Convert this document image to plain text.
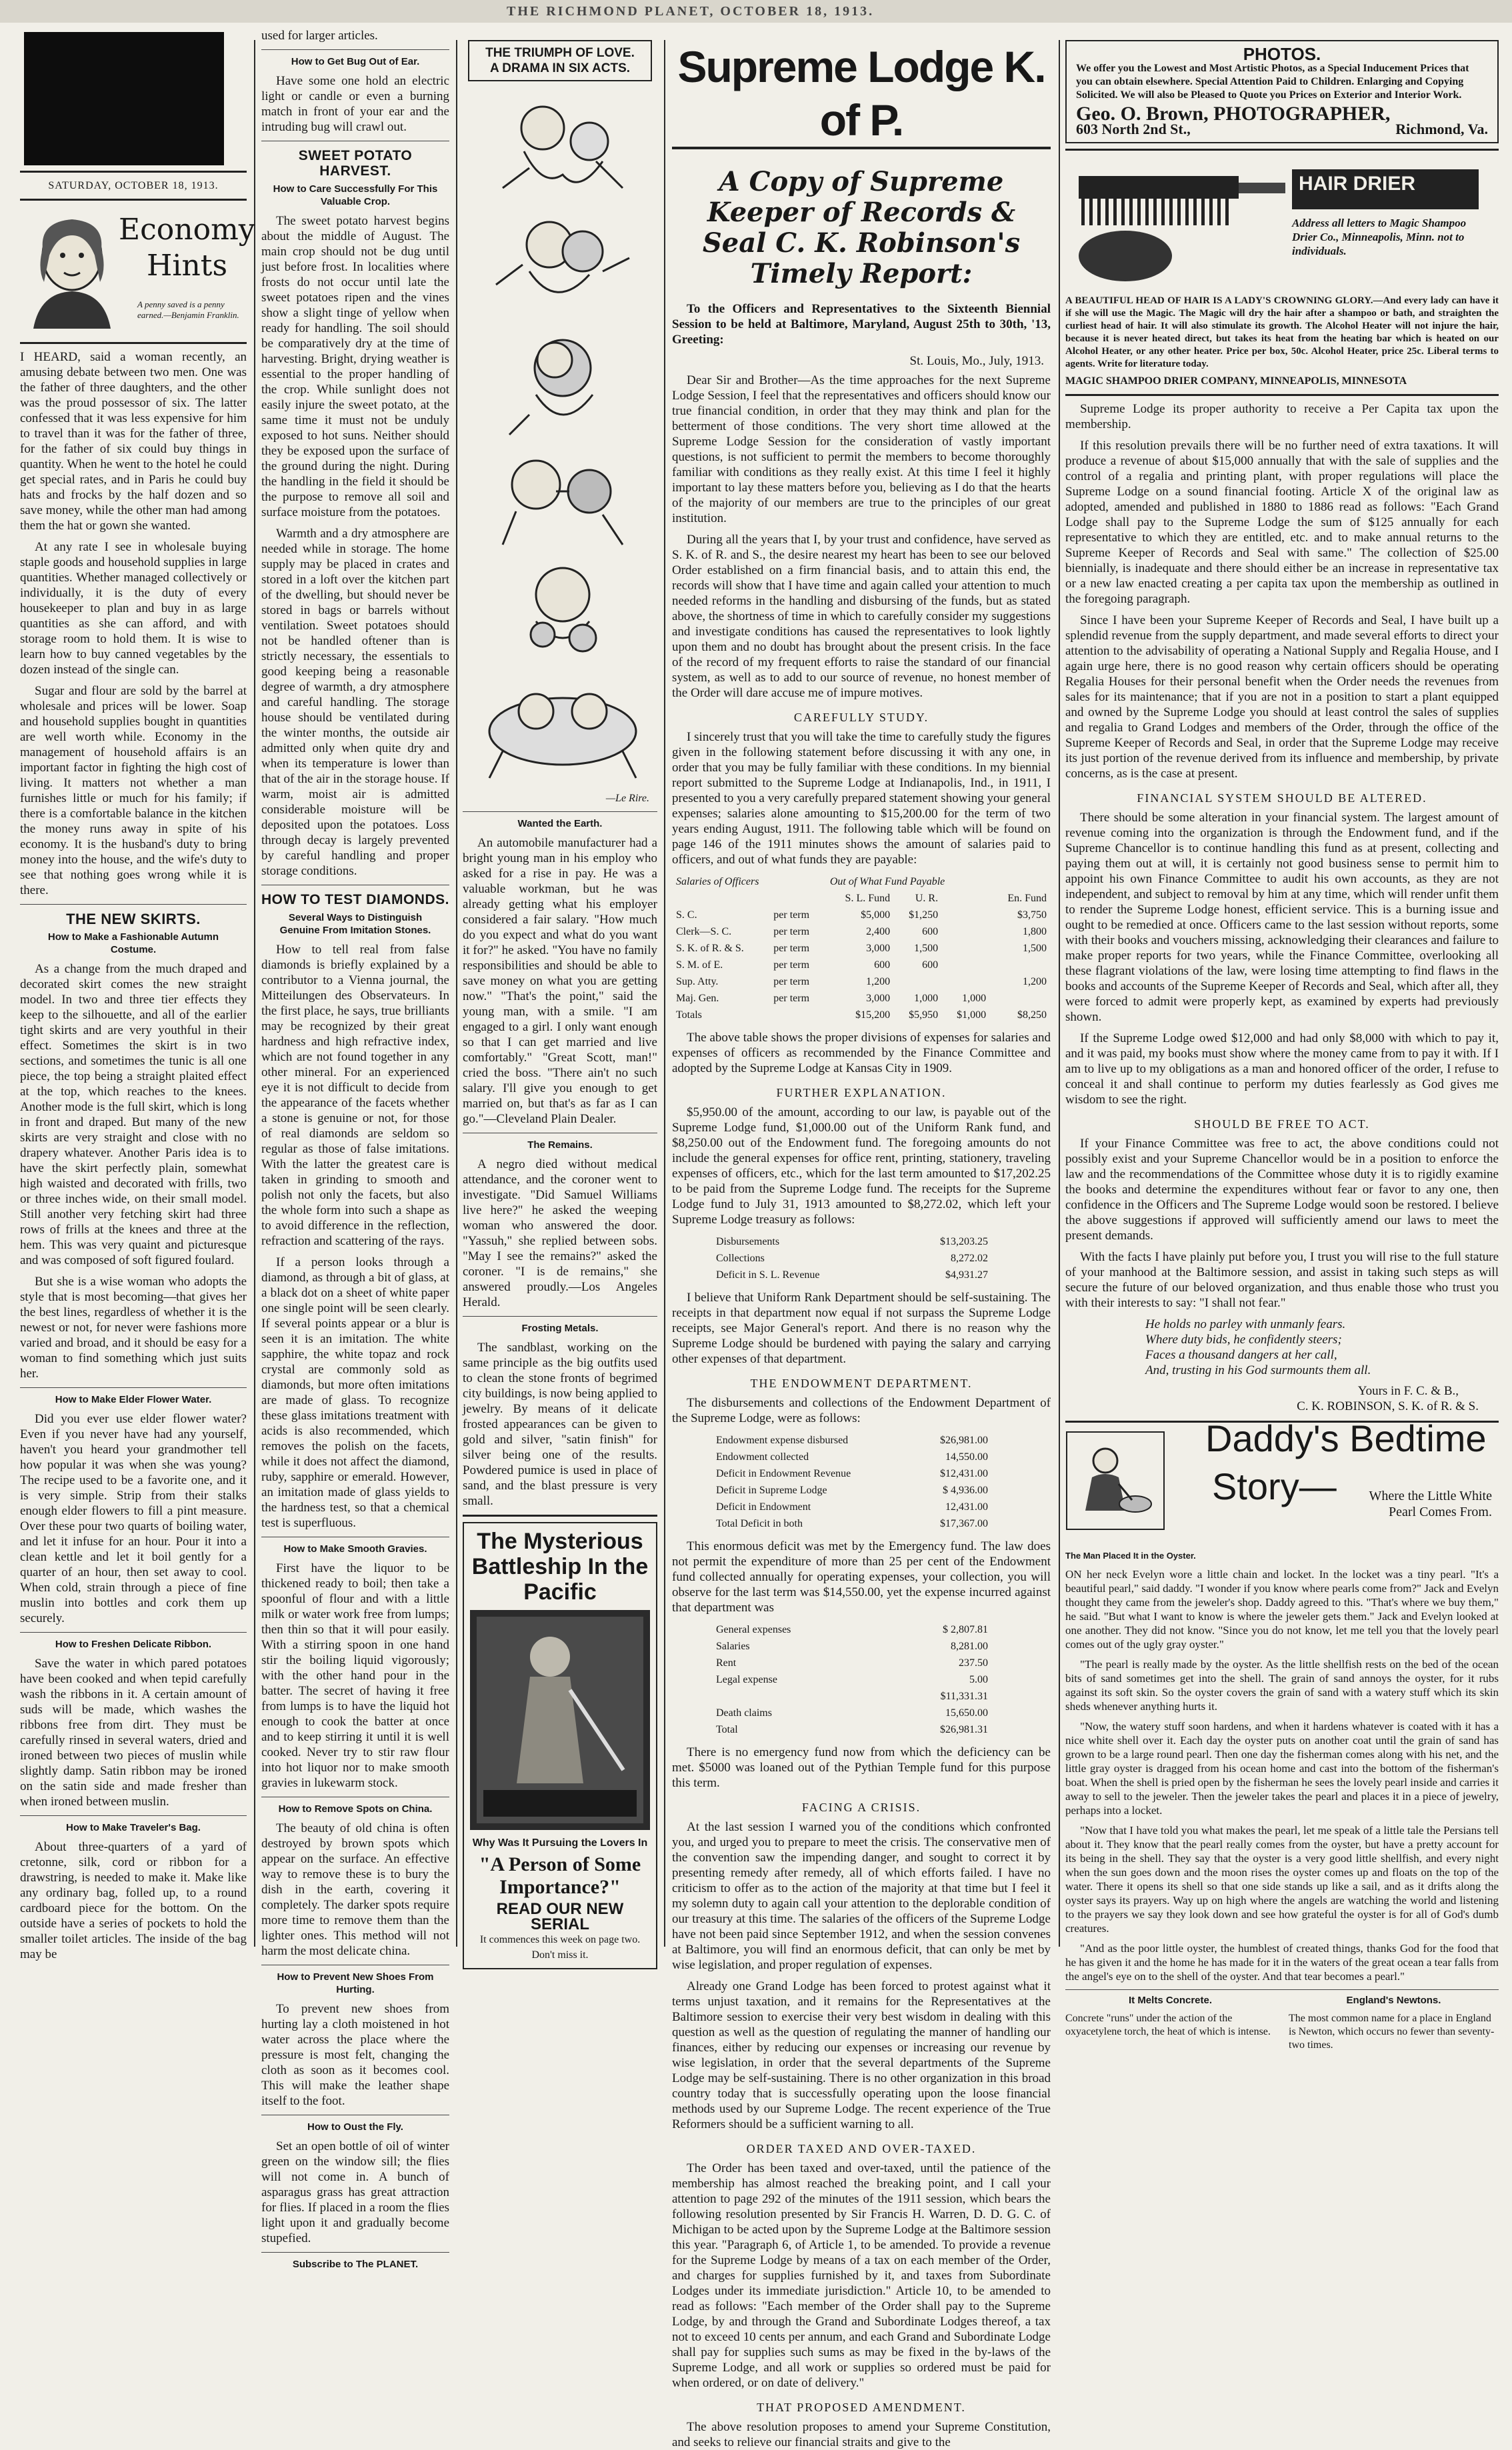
THE RICHMOND PLANET, OCTOBER 18, 1913.
SATURDAY, OCTOBER 18, 1913.
Economy
Hints
A penny saved is a penny earned.—Benjamin Franklin.

I HEARD, said a woman recently, an amusing debate between two men. One was the father of three daughters, and the other was the proud possessor of six. The latter confessed that it was less expensive for him to travel than it was for the father of three, for the father of six could buy things in quantity. When he went to the hotel he could get special rates, and in Paris he could buy hats and frocks by the half dozen and so save money, while the other man had among them the hat or gown she wanted.

At any rate I see in wholesale buying staple goods and household supplies in large quantities. Whether managed collectively or individually, it is the duty of every housekeeper to plan and buy in as large quantities as she can afford, and with storage room to hold them. It is wise to learn how to buy canned vegetables by the dozen instead of the single can.

Sugar and flour are sold by the barrel at wholesale and prices will be lower. Soap and household supplies bought in quantities are well worth while. Economy in the management of household affairs is an important factor in fighting the high cost of living. It matters not whether a man furnishes little or much for his family; if there is a comfortable balance in the kitchen the money runs away in spite of his economy. It is the husband's duty to bring money into the house, and the wife's duty to see that nothing goes wrong while it is there.

THE NEW SKIRTS.
How to Make a Fashionable Autumn Costume.

As a change from the much draped and decorated skirt comes the new straight model. In two and three tier effects they keep to the silhouette, and all of the earlier tight skirts and are very youthful in their effect. Sometimes the skirt is in two sections, and sometimes the tunic is all one piece, the top being a straight plaited effect at the top, which reaches to the knees. Another mode is the full skirt, which is long in front and draped. But many of the new skirts are very straight and close with no drapery whatever. Another Paris idea is to have the skirt perfectly plain, somewhat high waisted and decorated with frills, two or three inches wide, on their small model. Still another very fetching skirt had three rows of frills at the knees and three at the hem. This was very quaint and picturesque and was composed of soft figured foulard.

But she is a wise woman who adopts the style that is most becoming—that gives her the best lines, regardless of whether it is the newest or not, for never were fashions more varied and broad, and it should be easy for a woman to find something which just suits her.

How to Make Elder Flower Water.

Did you ever use elder flower water? Even if you never have had any yourself, haven't you heard your grandmother tell how popular it was when she was young? The recipe used to be a favorite one, and it is very simple. Strip from their stalks enough elder flowers to fill a pint measure. Over these pour two quarts of boiling water, and let it infuse for an hour. Pour it into a clean kettle and let it boil gently for a quarter of an hour, then set away to cool. When cold, strain through a piece of fine muslin into bottles and cork them up securely.

How to Freshen Delicate Ribbon.

Save the water in which pared potatoes have been cooked and when tepid carefully wash the ribbons in it. A certain amount of suds will be made, which washes the ribbons free from dirt. They must be carefully rinsed in several waters, dried and ironed between two pieces of muslin while slightly damp. Satin ribbon may be ironed on the satin side and made fresher than when ironed between muslin.

How to Make Traveler's Bag.

About three-quarters of a yard of cretonne, silk, cord or ribbon for a drawstring, is needed to make it. Make like any ordinary bag, folled up, to a round cardboard piece for the bottom. On the outside have a series of pockets to hold the smaller toilet articles. The inside of the bag may be

used for larger articles.

How to Get Bug Out of Ear.

Have some one hold an electric light or candle or even a burning match in front of your ear and the intruding bug will crawl out.

SWEET POTATO HARVEST.
How to Care Successfully For This Valuable Crop.

The sweet potato harvest begins about the middle of August. The main crop should not be dug until just before frost. In localities where frosts do not occur until late the sweet potatoes ripen and the vines show a slight tinge of yellow when ready for handling. The soil should be comparatively dry at the time of harvesting. Bright, drying weather is essential to the proper handling of the crop. While sunlight does not easily injure the sweet potato, at the same time it must not be unduly exposed to hot suns. Neither should they be exposed upon the surface of the ground during the night. During the handling in the field it should be the purpose to remove all soil and surface moisture from the potatoes.

Warmth and a dry atmosphere are needed while in storage. The home supply may be placed in crates and stored in a loft over the kitchen part of the dwelling, but should never be stored in bags or barrels without ventilation. Sweet potatoes should not be handled oftener than is strictly necessary, the essentials to good keeping being a reasonable degree of warmth, a dry atmosphere and careful handling. The storage house should be ventilated during the winter months, the outside air admitted only when quite dry and when its temperature is lower than that of the air in the storage house. If warm, moist air is admitted considerable moisture will be deposited upon the potatoes. Loss through decay is largely prevented by careful handling and proper storage conditions.

HOW TO TEST DIAMONDS.
Several Ways to Distinguish Genuine From Imitation Stones.

How to tell real from false diamonds is briefly explained by a contributor to a Vienna journal, the Mitteilungen des Observateurs. In the first place, he says, true brilliants may be recognized by their great hardness and high refractive index, which are not found together in any other mineral. For an experienced eye it is not difficult to decide from the appearance of the facets whether a stone is genuine or not, for those of real diamonds are seldom so regular as those of false imitations. With the latter the greatest care is taken in grinding to smooth and polish not only the facets, but also the whole form into such a shape as to avoid difference in the reflection, refraction and scattering of the rays.

If a person looks through a diamond, as through a bit of glass, at a black dot on a sheet of white paper one single point will be seen clearly. If several points appear or a blur is seen it is an imitation. The white sapphire, the white topaz and rock crystal are commonly sold as diamonds, but more often imitations are made of glass. To recognize these glass imitations treatment with acids is also recommended, which removes the polish on the facets, while it does not affect the diamond, ruby, sapphire or emerald. However, an imitation made of glass yields to the hardness test, so that a chemical test is superfluous.

How to Make Smooth Gravies.

First have the liquor to be thickened ready to boil; then take a spoonful of flour and with a little milk or water work free from lumps; then thin so that it will pour easily. With a stirring spoon in one hand stir the boiling liquid vigorously; with the other hand pour in the batter. The secret of having it free from lumps is to have the liquid hot enough to cook the batter at once and to keep stirring it until it is well cooked. Never try to stir raw flour into hot liquor nor to make smooth gravies in lukewarm stock.

How to Remove Spots on China.

The beauty of old china is often destroyed by brown spots which appear on the surface. An effective way to remove these is to bury the dish in the earth, covering it completely. The darker spots require more time to remove them than the lighter ones. This method will not harm the most delicate china.

How to Prevent New Shoes From Hurting.

To prevent new shoes from hurting lay a cloth moistened in hot water across the place where the pressure is most felt, changing the cloth as soon as it becomes cool. This will make the leather shape itself to the foot.

How to Oust the Fly.

Set an open bottle of oil of winter green on the window sill; the flies will not come in. A bunch of asparagus grass has great attraction for flies. If placed in a room the flies light upon it and gradually become stupefied.

Subscribe to The PLANET.
THE TRIUMPH OF LOVE.
A DRAMA IN SIX ACTS.
—Le Rire.
Wanted the Earth.

An automobile manufacturer had a bright young man in his employ who asked for a rise in pay. He was a valuable workman, but he was already getting what his employer considered a fair salary. "How much do you expect and what do you want it for?" he asked. "You have no family responsibilities and should be able to save money on what you are getting now." "That's the point," said the young man, with a smile. "I am engaged to a girl. I only want enough so that I can get married and live comfortably." "Great Scott, man!" cried the boss. "There ain't no such salary. I'll give you enough to get married on, but that's as far as I can go."—Cleveland Plain Dealer.

The Remains.

A negro died without medical attendance, and the coroner went to investigate. "Did Samuel Williams live here?" he asked the weeping woman who answered the door. "Yassuh," she replied between sobs. "May I see the remains?" asked the coroner. "I is de remains," she answered proudly.—Los Angeles Herald.

Frosting Metals.

The sandblast, working on the same principle as the big outfits used to clean the stone fronts of begrimed city buildings, is now being applied to jewelry. By means of it delicate frosted appearances can be given to gold and silver, "satin finish" for silver being one of the results. Powdered pumice is used in place of sand, and the blast pressure is very small.

The Mysterious Battleship In the Pacific
Why Was It Pursuing the Lovers In
"A Person of Some Importance?"
READ OUR NEW SERIAL
It commences this week on page two. Don't miss it.
Supreme Lodge K. of P.
A Copy of Supreme Keeper of Records & Seal C. K. Robinson's Timely Report:

To the Officers and Representatives to the Sixteenth Biennial Session to be held at Baltimore, Maryland, August 25th to 30th, '13, Greeting:

St. Louis, Mo., July, 1913.

Dear Sir and Brother—As the time approaches for the next Supreme Lodge Session, I feel that the representatives and officers should know our true financial condition, in order that they may think and plan for the betterment of those conditions. The very short time allowed at the Supreme Lodge Session for the consideration of vastly important questions, is not sufficient to permit the members to become thoroughly familiar with conditions as they really exist. At this time I feel it highly important to lay these matters before you, believing as I do that the hearts of the majority of our members are true to the principles of our great institution.

During all the years that I, by your trust and confidence, have served as S. K. of R. and S., the desire nearest my heart has been to see our beloved Order established on a firm financial basis, and to attain this end, the records will show that I have time and again called your attention to much needed reforms in the handling and disbursing of the funds, but as stated above, the shortness of time in which to carefully consider my suggestions and investigate conditions has caused the representatives to look lightly upon them and no doubt has brought about the present crisis. In the face of the record of my frequent efforts to raise the standard of our financial system, as well as to add to our source of revenue, no honest member of the Order will dare accuse me of impure motives.

CAREFULLY STUDY.

I sincerely trust that you will take the time to carefully study the figures given in the following statement before discussing it with any one, in order that you may be fully familiar with these conditions. In my biennial report submitted to the Supreme Lodge at Indianapolis, Ind., in 1911, I presented to you a very carefully prepared statement showing your general expenses; salaries alone amounting to $15,200.00 for the term of two years ending August, 1911. The following table which will be found on page 146 of the 1911 minutes shows the amount of salaries paid to officers, and out of what funds they are payable:

Salaries of Officers		Out of What Fund Payable			
		S. L. Fund	U. R.		En. Fund
S. C.	per term	$5,000	$1,250		$3,750
Clerk—S. C.	per term	2,400	600		1,800
S. K. of R. & S.	per term	3,000	1,500		1,500
S. M. of E.	per term	600	600		
Sup. Atty.	per term	1,200			1,200
Maj. Gen.	per term	3,000	1,000	1,000	
Totals		$15,200	$5,950	$1,000	$8,250

The above table shows the proper divisions of expenses for salaries and expenses of officers as recommended by the Finance Committee and adopted by the Supreme Lodge at Kansas City in 1909.

FURTHER EXPLANATION.

$5,950.00 of the amount, according to our law, is payable out of the Supreme Lodge fund, $1,000.00 out of the Uniform Rank fund, and $8,250.00 out of the Endowment fund. The foregoing amounts do not include the general expenses for office rent, printing, stationery, traveling expenses of officers, etc., which for the last term amounted to $17,202.25 to be paid from the Supreme Lodge fund. The receipts for the Supreme Lodge fund to July 31, 1913 amounted to $8,272.02, which left your Supreme Lodge treasury as follows:

Disbursements	$13,203.25
Collections	8,272.02
Deficit in S. L. Revenue	$4,931.27

I believe that Uniform Rank Department should be self-sustaining. The receipts in that department now equal if not surpass the Supreme Lodge receipts, see Major General's report. And there is no reason why the Supreme Lodge should be burdened with paying the salary and carrying other expenses of that department.

THE ENDOWMENT DEPARTMENT.

The disbursements and collections of the Endowment Department of the Supreme Lodge, were as follows:

Endowment expense disbursed	$26,981.00
Endowment collected	14,550.00
Deficit in Endowment Revenue	$12,431.00
Deficit in Supreme Lodge	$ 4,936.00
Deficit in Endowment	12,431.00
Total Deficit in both	$17,367.00

This enormous deficit was met by the Emergency fund. The law does not permit the expenditure of more than 25 per cent of the Endowment fund collected annually for operating expenses, your collection, you will observe for the last term was $14,550.00, yet the expense incurred against that department was

General expenses	$ 2,807.81
Salaries	8,281.00
Rent	237.50
Legal expense	5.00
	$11,331.31
Death claims	15,650.00
Total	$26,981.31

There is no emergency fund now from which the deficiency can be met. $5000 was loaned out of the Pythian Temple fund for this purpose this term.

FACING A CRISIS.

At the last session I warned you of the conditions which confronted you, and urged you to prepare to meet the crisis. The conservative men of the convention saw the impending danger, and sought to correct it by presenting remedy after remedy, all of which efforts failed. I have no criticism to offer as to the action of the majority at that time but I feel it my solemn duty to again call your attention to the deplorable condition of our treasury at this time. The salaries of the officers of the Supreme Lodge have not been paid since September 1912, and when the session convenes at Baltimore, you will find an enormous deficit, that can only be met by wise legislation, and proper regulation of expenses.

Already one Grand Lodge has been forced to protest against what it terms unjust taxation, and it remains for the Representatives at the Baltimore session to exercise their very best wisdom in dealing with this question as well as the question of regulating the manner of handling our finances, either by reducing our expenses or increasing our revenue by wise legislation, in order that the several departments of the Supreme Lodge may be self-sustaining. There is no other organization in this broad country today that is successfully operating upon the loose financial methods used by our Supreme Lodge. The recent experience of the True Reformers should be a sufficient warning to all.

ORDER TAXED AND OVER-TAXED.

The Order has been taxed and over-taxed, until the patience of the membership has almost reached the breaking point, and I call your attention to page 292 of the minutes of the 1911 session, which bears the following resolution presented by Sir Francis H. Warren, D. D. G. C. of Michigan to be acted upon by the Supreme Lodge at the Baltimore session this year. "Paragraph 6, of Article 1, to be amended. To provide a revenue for the Supreme Lodge by means of a tax on each member of the Order, and charges for supplies furnished by it, and taxes from Subordinate Lodges under its immediate jurisdiction." Article 10, to be amended to read as follows: "Each member of the Order shall pay to the Supreme Lodge, by and through the Grand and Subordinate Lodges thereof, a tax not to exceed 10 cents per annum, and each Grand and Subordinate Lodge shall pay for supplies such sums as may be fixed in the by-laws of the Supreme Lodge, and all work or supplies so ordered must be paid for when ordered, or on date of delivery."

THAT PROPOSED AMENDMENT.

The above resolution proposes to amend your Supreme Constitution, and seeks to relieve our financial straits and give to the

PHOTOS.
We offer you the Lowest and Most Artistic Photos, as a Special Inducement Prices that you can obtain elsewhere. Special Attention Paid to Children. Enlarging and Copying Solicited. We will also be Pleased to Quote you Prices on Exterior and Interior Work.
Geo. O. Brown, PHOTOGRAPHER,
603 North 2nd St.,	Richmond, Va.
HAIR DRIER
Address all letters to Magic Shampoo Drier Co., Minneapolis, Minn. not to individuals.
A BEAUTIFUL HEAD OF HAIR IS A LADY'S CROWNING GLORY.—And every lady can have it if she will use the Magic. The Magic will dry the hair after a shampoo or bath, and straighten the curliest head of hair. It will also stimulate its growth. The Alcohol Heater will not injure the hair, because it is never heated direct, but takes its heat from the heating bar which is heated on our Alcohol Heater, or any other heater. Price per box, 50c. Alcohol Heater, price 25c. Liberal terms to agents. Write for literature today.
MAGIC SHAMPOO DRIER COMPANY, MINNEAPOLIS, MINNESOTA

Supreme Lodge its proper authority to receive a Per Capita tax upon the membership.

If this resolution prevails there will be no further need of extra taxations. It will produce a revenue of about $15,000 annually that with the sale of supplies and the control of a regalia and printing plant, with proper regulations will place the Supreme Lodge on a sound financial footing. Article X of the original law as adopted, amended and published in 1880 to 1886 read as follows: "Each Grand Lodge shall pay to the Supreme Lodge the sum of $125 annually for each representative to which they are entitled, etc. and to make annual returns to the Supreme Keeper of Records and Seal with same." The collection of $25.00 biennially, is inadequate and there should either be an increase in representative tax or a new law enacted creating a per capita tax upon the membership as outlined in the foregoing paragraph.

Since I have been your Supreme Keeper of Records and Seal, I have built up a splendid revenue from the supply department, and made several efforts to direct your attention to the advisability of operating a National Supply and Regalia House, and I again urge here, there is no good reason why certain officers should be operating Regalia Houses for their personal benefit when the Order needs the revenues from sales for its maintenance; that if you are not in a position to start a plant equipped and owned by the Supreme Lodge you should at least control the sales of supplies and regalia to Grand Lodges and members of the Order, through the office of the Supreme Keeper of Records and Seal, in order that the Supreme Lodge may receive its just portion of the revenue derived from its influence and membership, by private concerns, as is the case at present.

FINANCIAL SYSTEM SHOULD BE ALTERED.

There should be some alteration in your financial system. The largest amount of revenue coming into the organization is through the Endowment fund, and if the Supreme Chancellor is to continue handling this fund as at present, collecting and paying them out at will, it is certainly not good business sense to permit him to appoint his own Finance Committee to audit his own accounts, as they are not independent, and subject to removal by him at any time, which will render unfit them to render the Supreme Lodge honest, efficient service. This is a burning issue and ought to be remedied at once. Officers came to the last session without reports, some with their books and vouchers missing, acknowledging their clearances and failure to make proper reports for two years, while the Finance Committee, overlooking all these flagrant violations of the law, were losing time attempting to find flaws in the books and accounts of the Supreme Keeper of Records and Seal, which after all, they were forced to admit were properly kept, as examined by experts had previously shown.

If the Supreme Lodge owed $12,000 and had only $8,000 with which to pay it, and it was paid, my books must show where the money came from to pay it with. If I am to live up to my obligations as a man and honored officer of the order, I refuse to conceal it and shall continue to perform my duties fearlessly as God gives me wisdom to see the right.

SHOULD BE FREE TO ACT.

If your Finance Committee was free to act, the above conditions could not possibly exist and your Supreme Chancellor would be in a position to enforce the law and the recommendations of the Committee whose duty it is to rigidly examine the books and determine the expenditures without fear or favor to any one, then confidence in the Officers and The Supreme Lodge would soon be restored. I believe the above suggestions if approved will sufficiently amend our laws to meet the present demands.

With the facts I have plainly put before you, I trust you will rise to the full stature of your manhood at the Baltimore session, and assist in taking such steps as will secure the future of our beloved organization, and thus enable those who trust you with their interests to say: "I shall not fear."

He holds no parley with unmanly fears.
Where duty bids, he confidently steers;
Faces a thousand dangers at her call,
And, trusting in his God surmounts them all.
Yours in F. C. & B.,
C. K. ROBINSON, S. K. of R. & S.
Daddy's Bedtime
Story—	Where the Little White Pearl Comes From.
The Man Placed It in the Oyster.

ON her neck Evelyn wore a little chain and locket. In the locket was a tiny pearl. "It's a beautiful pearl," said daddy. "I wonder if you know where pearls come from?" Jack and Evelyn thought they came from the jeweler's shop. Daddy agreed to this. "That's where we buy them," he said. "But what I want to know is where the jeweler gets them." Jack and Evelyn looked at one another. They did not know. "Since you do not know, let me tell you that the lovely pearl comes out of the ugly gray oyster."

"The pearl is really made by the oyster. As the little shellfish rests on the bed of the ocean bits of sand sometimes get into the shell. The grain of sand annoys the oyster, for it rubs against its soft skin. So the oyster covers the grain of sand with a watery stuff which its skin sheds whenever anything hurts it.

"Now, the watery stuff soon hardens, and when it hardens whatever is coated with it has a nice white shell over it. Each day the oyster puts on another coat until the grain of sand has grown to be a large round pearl. Then one day the fisherman comes along with his net, and the little gray oyster is dragged from his ocean home and cast into the bottom of the fisherman's boat. When the shell is pried open by the fisherman he sees the lovely pearl inside and carries it away to sell to the jeweler. Then the jeweler takes the pearl and places it in a piece of jewelry, perhaps into a locket.

"Now that I have told you what makes the pearl, let me speak of a little tale the Persians tell about it. They know that the pearl really comes from the oyster, but have a pretty account for its being in the shell. They say that the oyster is a very good little shellfish, and every night when the sun goes down and the moon rises the oyster comes up and floats on the top of the water. There it opens its shell so that one side stands up like a sail, and as it drifts along the oyster says its prayers. Way up on high where the angels are watching the world and listening to the prayers we say they look down and see how grateful the oyster is for all of God's dumb creatures.

"And as the poor little oyster, the humblest of created things, thanks God for the food that he has given it and the home he has made for it in the waters of the great ocean a tear falls from the angel's eye on to the shell of the oyster. And that tear becomes a pearl."

It Melts Concrete.
Concrete "runs" under the action of the oxyacetylene torch, the heat of which is intense.
England's Newtons.
The most common name for a place in England is Newton, which occurs no fewer than seventy-two times.
